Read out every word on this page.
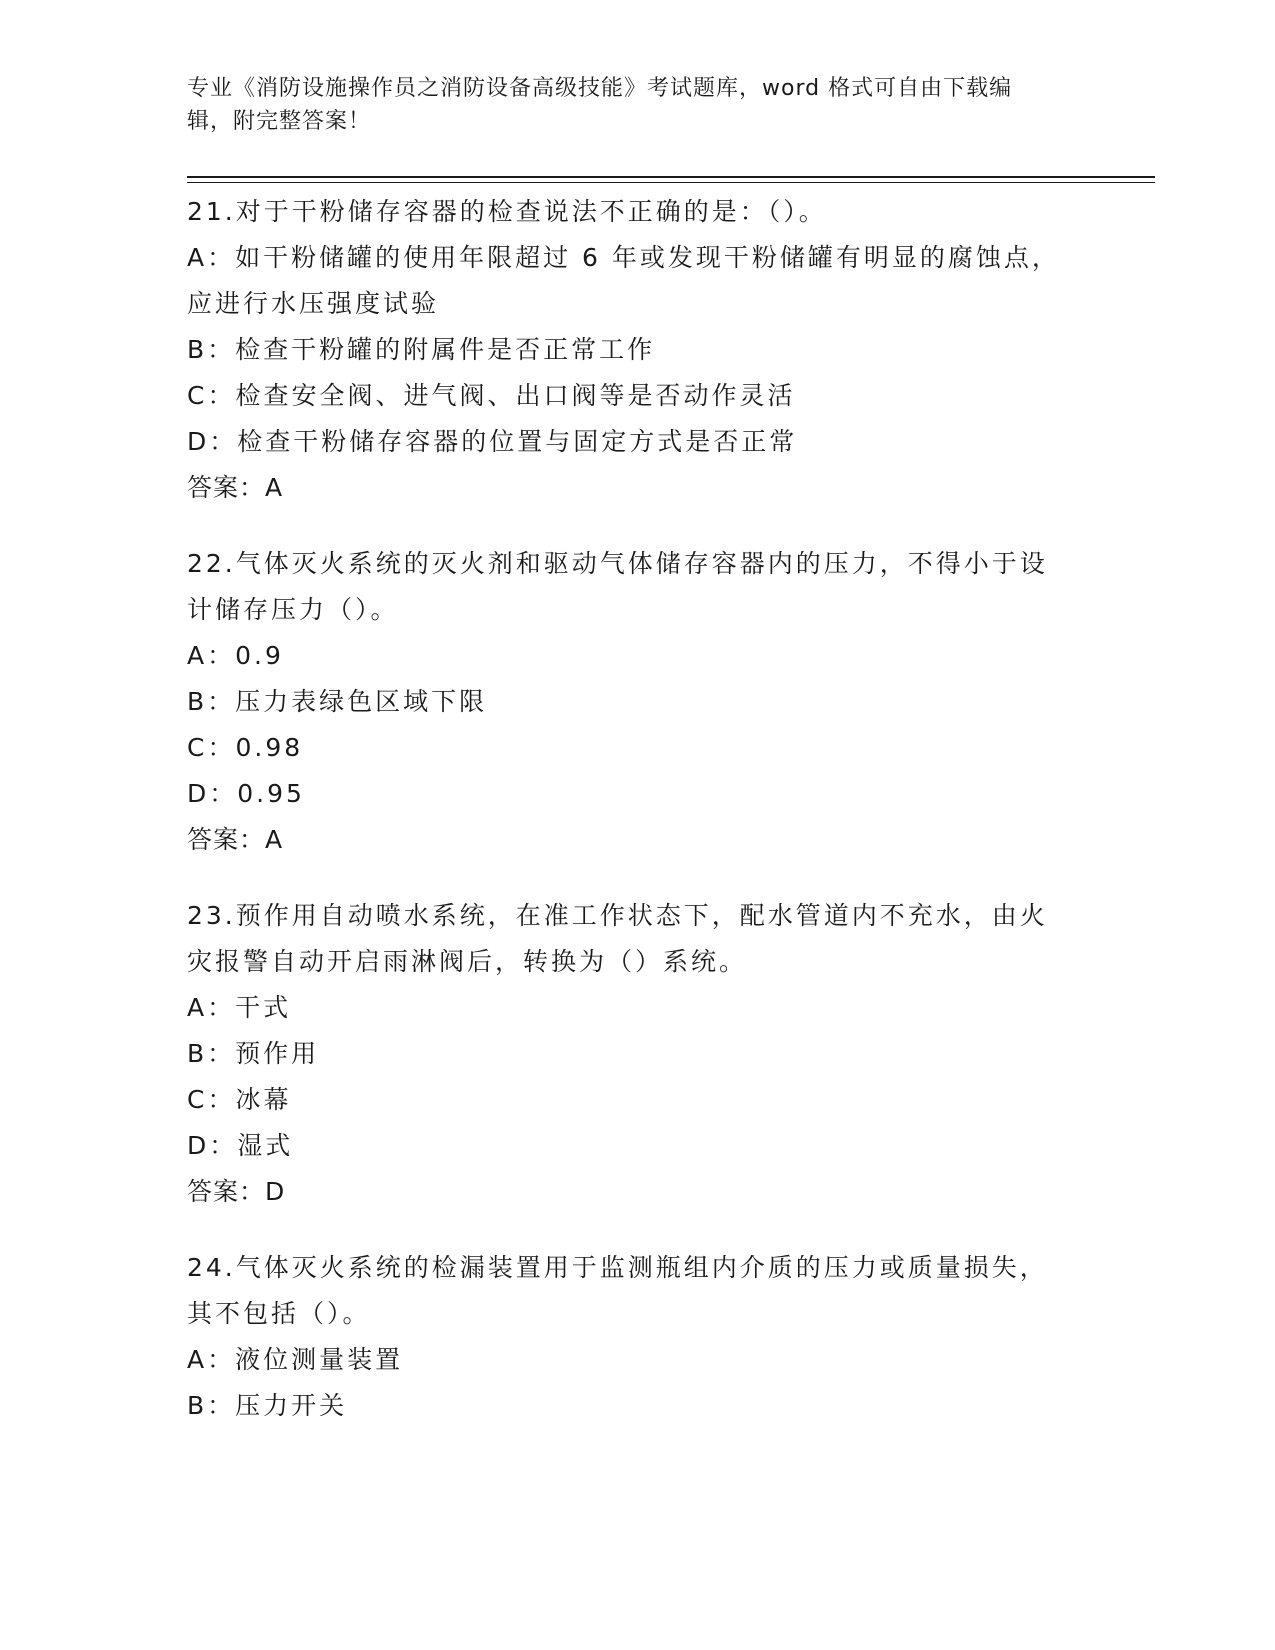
专业《消防设施操作员之消防设备高级技能》考试题库，word 格式可自由下载编
辑，附完整答案！
21.对于干粉储存容器的检查说法不正确的是：（）。
A： 如干粉储罐的使用年限超过 6 年或发现干粉储罐有明显的腐蚀点，
应进行水压强度试验
B： 检查干粉罐的附属件是否正常工作
C： 检查安全阀、进气阀、出口阀等是否动作灵活
D： 检查干粉储存容器的位置与固定方式是否正常
答案：A
22.气体灭火系统的灭火剂和驱动气体储存容器内的压力，不得小于设
计储存压力（）。
A： 0.9
B： 压力表绿色区域下限
C： 0.98
D： 0.95
答案：A
23.预作用自动喷水系统，在准工作状态下，配水管道内不充水，由火
灾报警自动开启雨淋阀后，转换为（）系统。
A： 干式
B： 预作用
C： 冰幕
D： 湿式
答案：D
24.气体灭火系统的检漏装置用于监测瓶组内介质的压力或质量损失，
其不包括（）。
A： 液位测量装置
B： 压力开关
